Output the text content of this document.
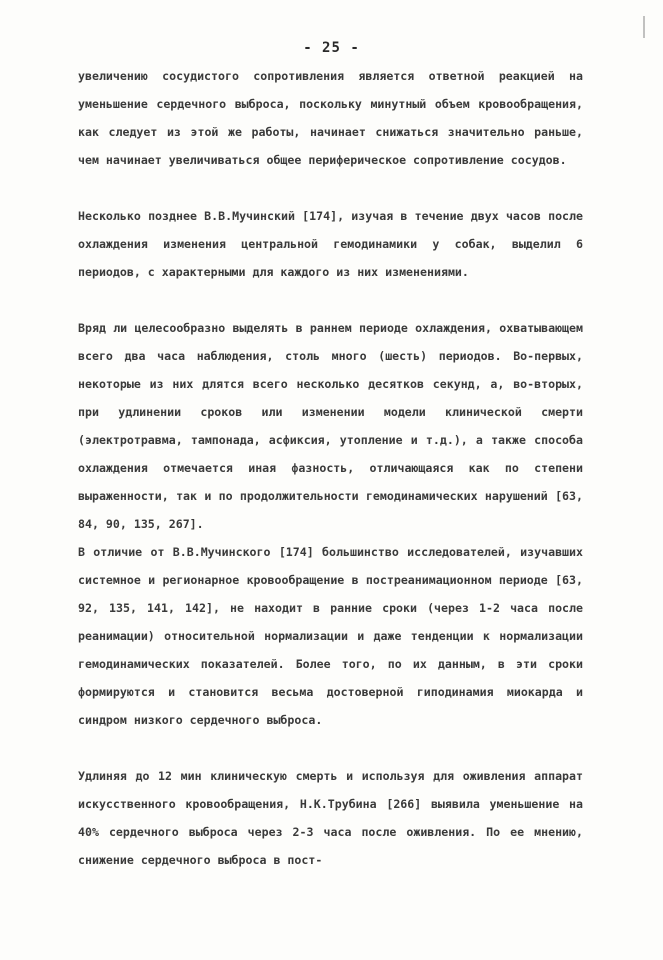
- 25 -

увеличению сосудистого сопротивления является ответной реакцией на уменьшение сердечного выброса, поскольку минутный объем кровообращения, как следует из этой же работы, начинает снижаться значительно раньше, чем начинает увеличиваться общее периферическое сопротивление сосудов.

Несколько позднее В.В.Мучинский [174], изучая в течение двух часов после охлаждения изменения центральной гемодинамики у собак, выделил 6 периодов, с характерными для каждого из них изменениями.

Вряд ли целесообразно выделять в раннем периоде охлаждения, охватывающем всего два часа наблюдения, столь много (шесть) периодов. Во-первых, некоторые из них длятся всего несколько десятков секунд, а, во-вторых, при удлинении сроков или изменении модели клинической смерти (электротравма, тампонада, асфиксия, утопление и т.д.), а также способа охлаждения отмечается иная фазность, отличающаяся как по степени выраженности, так и по продолжительности гемодинамических нарушений [63, 84, 90, 135, 267].

В отличие от В.В.Мучинского [174] большинство исследователей, изучавших системное и регионарное кровообращение в постреанимационном периоде [63, 92, 135, 141, 142], не находит в ранние сроки (через 1-2 часа после реанимации) относительной нормализации и даже тенденции к нормализации гемодинамических показателей. Более того, по их данным, в эти сроки формируются и становится весьма достоверной гиподинамия миокарда и синдром низкого сердечного выброса.

Удлиняя до 12 мин клиническую смерть и используя для оживления аппарат искусственного кровообращения, Н.К.Трубина [266] выявила уменьшение на 40% сердечного выброса через 2-3 часа после оживления. По ее мнению, снижение сердечного выброса в пост-
